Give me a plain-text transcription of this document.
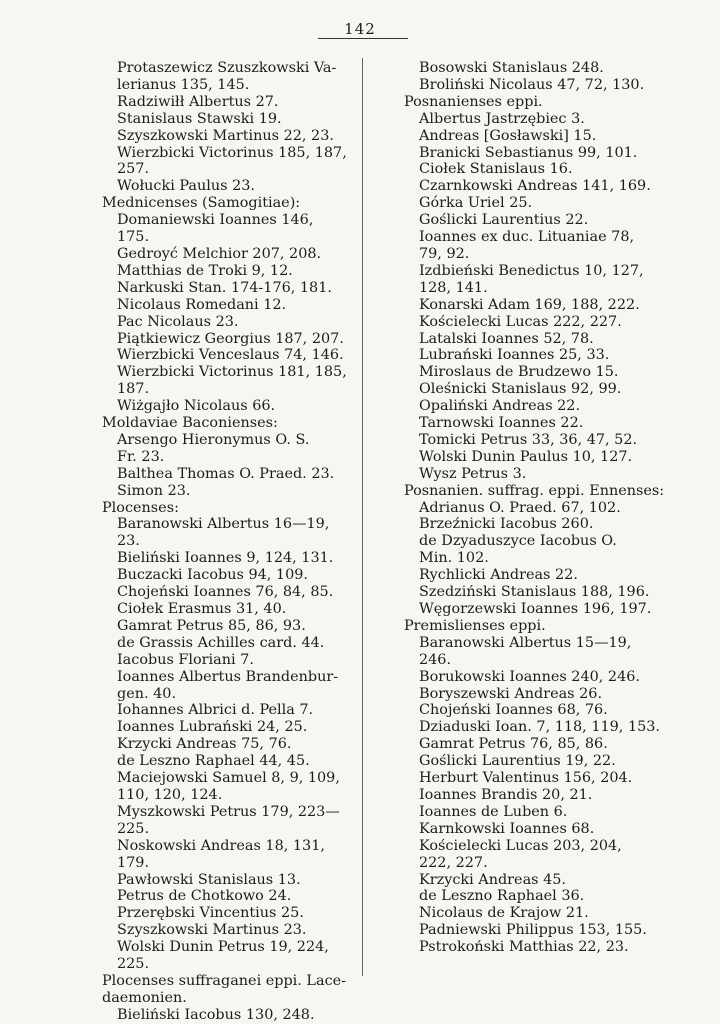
142
Protaszewicz Szuszkowski Va-
lerianus 135, 145.
Radziwiłł Albertus 27.
Stanislaus Stawski 19.
Szyszkowski Martinus 22, 23.
Wierzbicki Victorinus 185, 187,
257.
Wołucki Paulus 23.
Mednicenses (Samogitiae):
Domaniewski Ioannes 146, 175.
Gedroyć Melchior 207, 208.
Matthias de Troki 9, 12.
Narkuski Stan. 174-176, 181.
Nicolaus Romedani 12.
Pac Nicolaus 23.
Piątkiewicz Georgius 187, 207.
Wierzbicki Venceslaus 74, 146.
Wierzbicki Victorinus 181, 185,
187.
Wiżgajło Nicolaus 66.
Moldaviae Baconienses:
Arsengo Hieronymus O. S.
Fr. 23.
Balthea Thomas O. Praed. 23.
Simon 23.
Plocenses:
Baranowski Albertus 16—19, 23.
Bieliński Ioannes 9, 124, 131.
Buczacki Iacobus 94, 109.
Chojeński Ioannes 76, 84, 85.
Ciołek Erasmus 31, 40.
Gamrat Petrus 85, 86, 93.
de Grassis Achilles card. 44.
Iacobus Floriani 7.
Ioannes Albertus Brandenbur-
gen. 40.
Iohannes Albrici d. Pella 7.
Ioannes Lubrański 24, 25.
Krzycki Andreas 75, 76.
de Leszno Raphael 44, 45.
Maciejowski Samuel 8, 9, 109,
110, 120, 124.
Myszkowski Petrus 179, 223—
225.
Noskowski Andreas 18, 131, 179.
Pawłowski Stanislaus 13.
Petrus de Chotkowo 24.
Przerębski Vincentius 25.
Szyszkowski Martinus 23.
Wolski Dunin Petrus 19, 224, 225.
Plocenses suffraganei eppi. Lace-
daemonien.
Bieliński Iacobus 130, 248.
Bosowski Stanislaus 248.
Broliński Nicolaus 47, 72, 130.
Posnanienses eppi.
Albertus Jastrzębiec 3.
Andreas [Gosławski] 15.
Branicki Sebastianus 99, 101.
Ciołek Stanislaus 16.
Czarnkowski Andreas 141, 169.
Górka Uriel 25.
Goślicki Laurentius 22.
Ioannes ex duc. Lituaniae 78,
79, 92.
Izdbieński Benedictus 10, 127,
128, 141.
Konarski Adam 169, 188, 222.
Kościelecki Lucas 222, 227.
Latalski Ioannes 52, 78.
Lubrański Ioannes 25, 33.
Miroslaus de Brudzewo 15.
Oleśnicki Stanislaus 92, 99.
Opaliński Andreas 22.
Tarnowski Ioannes 22.
Tomicki Petrus 33, 36, 47, 52.
Wolski Dunin Paulus 10, 127.
Wysz Petrus 3.
Posnanien. suffrag. eppi. Ennenses:
Adrianus O. Praed. 67, 102.
Brzeźnicki Iacobus 260.
de Dzyaduszyce Iacobus O.
Min. 102.
Rychlicki Andreas 22.
Szedziński Stanislaus 188, 196.
Węgorzewski Ioannes 196, 197.
Premislienses eppi.
Baranowski Albertus 15—19,
246.
Borukowski Ioannes 240, 246.
Boryszewski Andreas 26.
Chojeński Ioannes 68, 76.
Dziaduski Ioan. 7, 118, 119, 153.
Gamrat Petrus 76, 85, 86.
Goślicki Laurentius 19, 22.
Herburt Valentinus 156, 204.
Ioannes Brandis 20, 21.
Ioannes de Luben 6.
Karnkowski Ioannes 68.
Kościelecki Lucas 203, 204,
222, 227.
Krzycki Andreas 45.
de Leszno Raphael 36.
Nicolaus de Krajow 21.
Padniewski Philippus 153, 155.
Pstrokoński Matthias 22, 23.
